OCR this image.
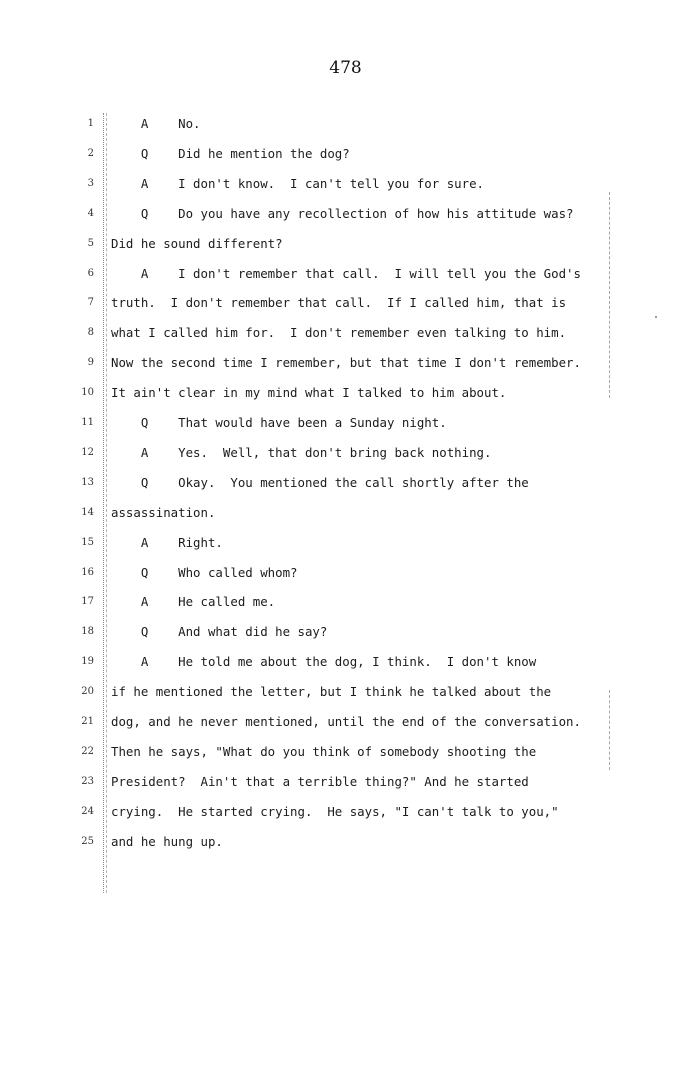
478
1 A    No.
2 Q    Did he mention the dog?
3 A    I don't know.  I can't tell you for sure.
4 Q    Do you have any recollection of how his attitude was?
5 Did he sound different?
6 A    I don't remember that call.  I will tell you the God's
7 truth.  I don't remember that call.  If I called him, that is
8 what I called him for.  I don't remember even talking to him.
9 Now the second time I remember, but that time I don't remember.
10 It ain't clear in my mind what I talked to him about.
11 Q    That would have been a Sunday night.
12 A    Yes.  Well, that don't bring back nothing.
13 Q    Okay.  You mentioned the call shortly after the
14 assassination.
15 A    Right.
16 Q    Who called whom?
17 A    He called me.
18 Q    And what did he say?
19 A    He told me about the dog, I think.  I don't know
20 if he mentioned the letter, but I think he talked about the
21 dog, and he never mentioned, until the end of the conversation.
22 Then he says, "What do you think of somebody shooting the
23 President?  Ain't that a terrible thing?" And he started
24 crying.  He started crying.  He says, "I can't talk to you,"
25 and he hung up.
